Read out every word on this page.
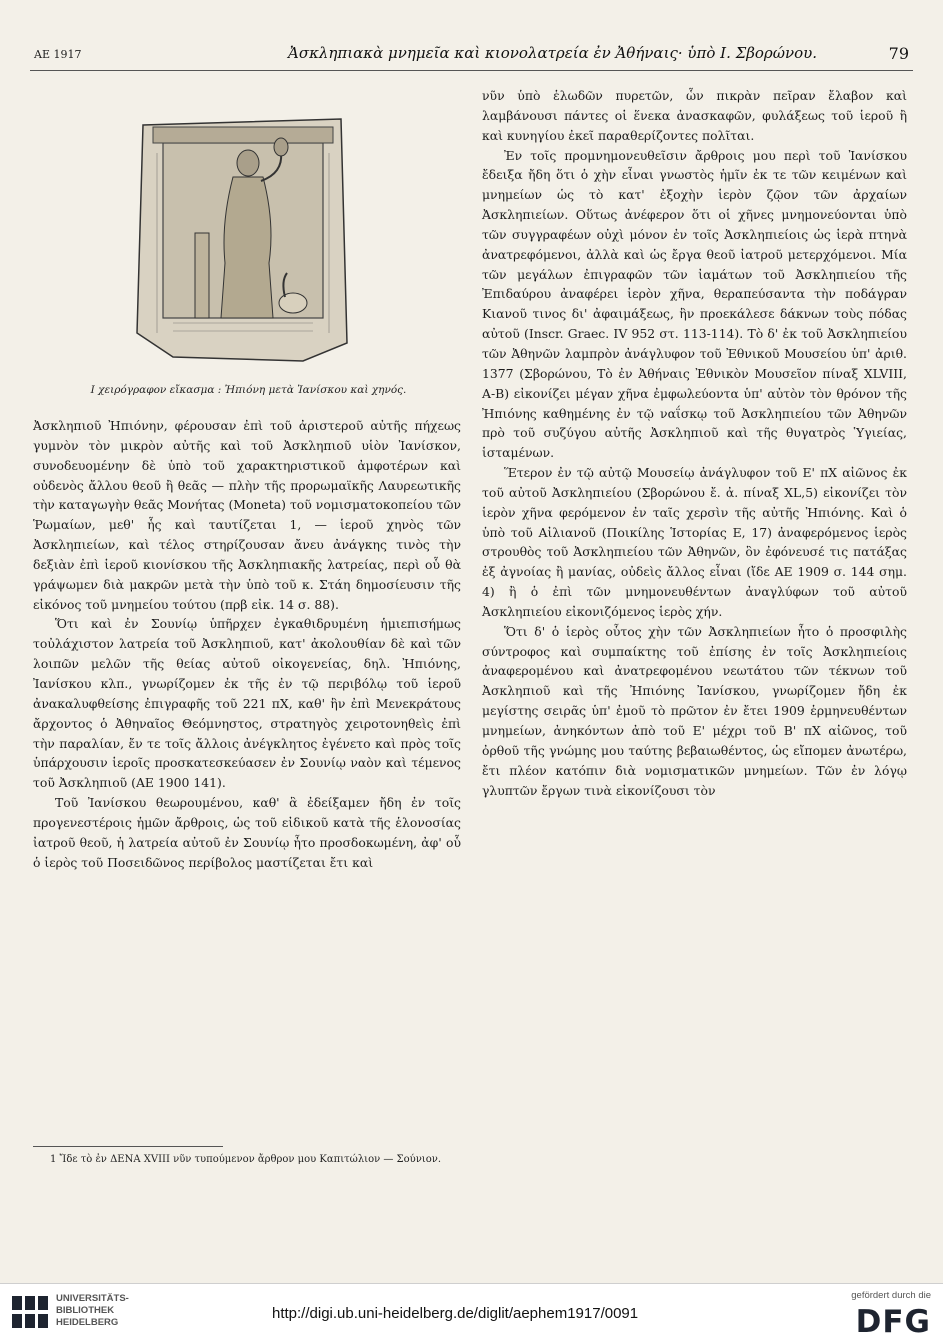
ΑΕ 1917	Ἀσκληπιακὰ μνημεῖα καὶ κιονολατρεία ἐν Ἀθήναις· ὑπὸ Ι. Σβορώνου.	79
Ι χειρόγραφον εἴκασμα : Ἠπιόνη μετὰ Ἰανίσκου καὶ χηνός.

Ἀσκληπιοῦ Ἠπιόνην, φέρουσαν ἐπὶ τοῦ ἀριστεροῦ αὐτῆς πήχεως γυμνὸν τὸν μικρὸν αὐτῆς καὶ τοῦ Ἀσκληπιοῦ υἱὸν Ἰανίσκον, συνοδευομένην δὲ ὑπὸ τοῦ χαρακτηριστικοῦ ἀμφοτέρων καὶ οὐδενὸς ἄλλου θεοῦ ἢ θεᾶς — πλὴν τῆς προρωμαϊκῆς Λαυρεωτικῆς τὴν καταγωγὴν θεᾶς Μονήτας (Moneta) τοῦ νομισματοκοπείου τῶν Ῥωμαίων, μεθ' ἧς καὶ ταυτίζεται 1, — ἱεροῦ χηνὸς τῶν Ἀσκληπιείων, καὶ τέλος στηρίζουσαν ἄνευ ἀνάγκης τινὸς τὴν δεξιὰν ἐπὶ ἱεροῦ κιονίσκου τῆς Ἀσκληπιακῆς λατρείας, περὶ οὗ θὰ γράψωμεν διὰ μακρῶν μετὰ τὴν ὑπὸ τοῦ κ. Στάη δημοσίευσιν τῆς εἰκόνος τοῦ μνημείου τούτου (πρβ εἰκ. 14 σ. 88).

Ὅτι καὶ ἐν Σουνίῳ ὑπῆρχεν ἐγκαθιδρυμένη ἡμιεπισήμως τοὐλάχιστον λατρεία τοῦ Ἀσκληπιοῦ, κατ' ἀκολουθίαν δὲ καὶ τῶν λοιπῶν μελῶν τῆς θείας αὐτοῦ οἰκογενείας, δηλ. Ἠπιόνης, Ἰανίσκου κλπ., γνωρίζομεν ἐκ τῆς ἐν τῷ περιβόλῳ τοῦ ἱεροῦ ἀνακαλυφθείσης ἐπιγραφῆς τοῦ 221 πΧ, καθ' ἣν ἐπὶ Μενεκράτους ἄρχοντος ὁ Ἀθηναῖος Θεόμνηστος, στρατηγὸς χειροτονηθεὶς ἐπὶ τὴν παραλίαν, ἔν τε τοῖς ἄλλοις ἀνέγκλητος ἐγένετο καὶ πρὸς τοῖς ὑπάρχουσιν ἱεροῖς προσκατεσκεύασεν ἐν Σουνίῳ ναὸν καὶ τέμενος τοῦ Ἀσκληπιοῦ (ΑΕ 1900 141).

Τοῦ Ἰανίσκου θεωρουμένου, καθ' ἃ ἐδείξαμεν ἤδη ἐν τοῖς προγενεστέροις ἡμῶν ἄρθροις, ὡς τοῦ εἰδικοῦ κατὰ τῆς ἑλονοσίας ἰατροῦ θεοῦ, ἡ λατρεία αὐτοῦ ἐν Σουνίῳ ἦτο προσδοκωμένη, ἀφ' οὗ ὁ ἱερὸς τοῦ Ποσειδῶνος περίβολος μαστίζεται ἔτι καὶ

1 Ἴδε τὸ ἐν ΔΕΝΑ XVIII νῦν τυπούμενον ἄρθρον μου Καπιτώλιον — Σούνιον.

νῦν ὑπὸ ἑλωδῶν πυρετῶν, ὧν πικρὰν πεῖραν ἔλαβον καὶ λαμβάνουσι πάντες οἱ ἕνεκα ἀνασκαφῶν, φυλάξεως τοῦ ἱεροῦ ἢ καὶ κυνηγίου ἐκεῖ παραθερίζοντες πολῖται.

Ἐν τοῖς προμνημονευθεῖσιν ἄρθροις μου περὶ τοῦ Ἰανίσκου ἔδειξα ἤδη ὅτι ὁ χὴν εἶναι γνωστὸς ἡμῖν ἐκ τε τῶν κειμένων καὶ μνημείων ὡς τὸ κατ' ἐξοχὴν ἱερὸν ζῷον τῶν ἀρχαίων Ἀσκληπιείων. Οὕτως ἀνέφερον ὅτι οἱ χῆνες μνημονεύονται ὑπὸ τῶν συγγραφέων οὐχὶ μόνον ἐν τοῖς Ἀσκληπιείοις ὡς ἱερὰ πτηνὰ ἀνατρεφόμενοι, ἀλλὰ καὶ ὡς ἔργα θεοῦ ἰατροῦ μετερχόμενοι. Μία τῶν μεγάλων ἐπιγραφῶν τῶν ἰαμάτων τοῦ Ἀσκληπιείου τῆς Ἐπιδαύρου ἀναφέρει ἱερὸν χῆνα, θεραπεύσαντα τὴν ποδάγραν Κιανοῦ τινος δι' ἀφαιμάξεως, ἣν προεκάλεσε δάκνων τοὺς πόδας αὐτοῦ (Inscr. Graec. IV 952 στ. 113-114). Τὸ δ' ἐκ τοῦ Ἀσκληπιείου τῶν Ἀθηνῶν λαμπρὸν ἀνάγλυφον τοῦ Ἐθνικοῦ Μουσείου ὑπ' ἀριθ. 1377 (Σβορώνου, Τὸ ἐν Ἀθήναις Ἐθνικὸν Μουσεῖον πίναξ XLVIII, A-B) εἰκονίζει μέγαν χῆνα ἐμφωλεύοντα ὑπ' αὐτὸν τὸν θρόνον τῆς Ἠπιόνης καθημένης ἐν τῷ ναΐσκῳ τοῦ Ἀσκληπιείου τῶν Ἀθηνῶν πρὸ τοῦ συζύγου αὐτῆς Ἀσκληπιοῦ καὶ τῆς θυγατρὸς Ὑγιείας, ἱσταμένων.

Ἕτερον ἐν τῷ αὐτῷ Μουσείῳ ἀνάγλυφον τοῦ Ε' πΧ αἰῶνος ἐκ τοῦ αὐτοῦ Ἀσκληπιείου (Σβορώνου ἔ. ἀ. πίναξ XL,5) εἰκονίζει τὸν ἱερὸν χῆνα φερόμενον ἐν ταῖς χερσὶν τῆς αὐτῆς Ἠπιόνης. Καὶ ὁ ὑπὸ τοῦ Αἰλιανοῦ (Ποικίλης Ἱστορίας Ε, 17) ἀναφερόμενος ἱερὸς στρουθὸς τοῦ Ἀσκληπιείου τῶν Ἀθηνῶν, ὃν ἐφόνευσέ τις πατάξας ἐξ ἀγνοίας ἢ μανίας, οὐδεὶς ἄλλος εἶναι (ἴδε ΑΕ 1909 σ. 144 σημ. 4) ἢ ὁ ἐπὶ τῶν μνημονευθέντων ἀναγλύφων τοῦ αὐτοῦ Ἀσκληπιείου εἰκονιζόμενος ἱερὸς χήν.

Ὅτι δ' ὁ ἱερὸς οὗτος χὴν τῶν Ἀσκληπιείων ἦτο ὁ προσφιλὴς σύντροφος καὶ συμπαίκτης τοῦ ἐπίσης ἐν τοῖς Ἀσκληπιείοις ἀναφερομένου καὶ ἀνατρεφομένου νεωτάτου τῶν τέκνων τοῦ Ἀσκληπιοῦ καὶ τῆς Ἠπιόνης Ἰανίσκου, γνωρίζομεν ἤδη ἐκ μεγίστης σειρᾶς ὑπ' ἐμοῦ τὸ πρῶτον ἐν ἔτει 1909 ἑρμηνευθέντων μνημείων, ἀνηκόντων ἀπὸ τοῦ Ε' μέχρι τοῦ Β' πΧ αἰῶνος, τοῦ ὀρθοῦ τῆς γνώμης μου ταύτης βεβαιωθέντος, ὡς εἴπομεν ἀνωτέρω, ἔτι πλέον κατόπιν διὰ νομισματικῶν μνημείων. Τῶν ἐν λόγῳ γλυπτῶν ἔργων τινὰ εἰκονίζουσι τὸν

UNIVERSITÄTS-
BIBLIOTHEK
HEIDELBERG
http://digi.ub.uni-heidelberg.de/diglit/aephem1917/0091
gefördert durch die
DFG
